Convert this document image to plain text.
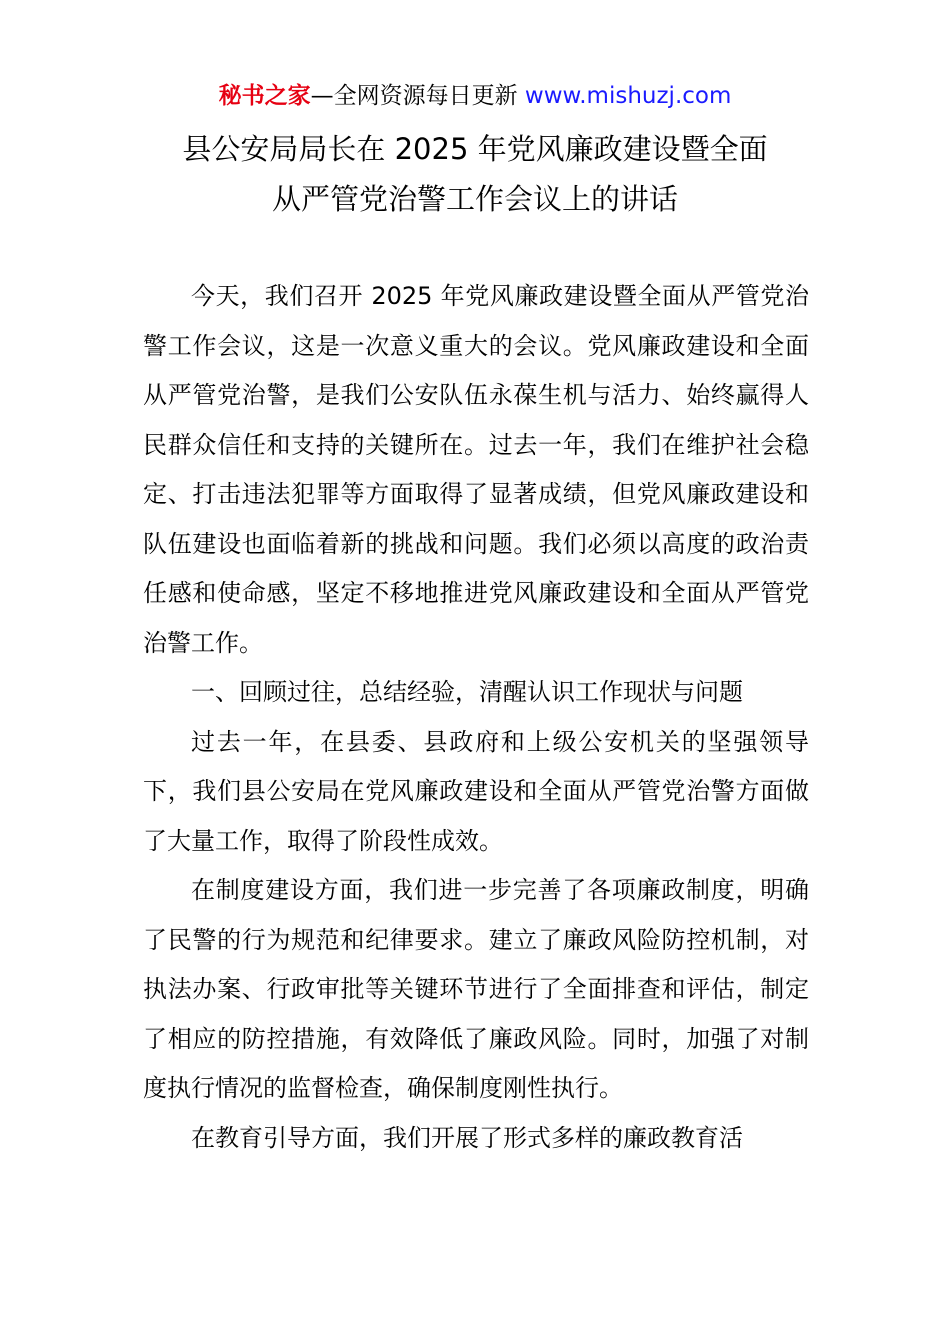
秘书之家—全网资源每日更新 www.mishuzj.com
县公安局局长在 2025 年党风廉政建设暨全面
从严管党治警工作会议上的讲话

今天，我们召开 2025 年党风廉政建设暨全面从严管党治警工作会议，这是一次意义重大的会议。党风廉政建设和全面从严管党治警，是我们公安队伍永葆生机与活力、始终赢得人民群众信任和支持的关键所在。过去一年，我们在维护社会稳定、打击违法犯罪等方面取得了显著成绩，但党风廉政建设和队伍建设也面临着新的挑战和问题。我们必须以高度的政治责任感和使命感，坚定不移地推进党风廉政建设和全面从严管党治警工作。

一、回顾过往，总结经验，清醒认识工作现状与问题

过去一年，在县委、县政府和上级公安机关的坚强领导下，我们县公安局在党风廉政建设和全面从严管党治警方面做了大量工作，取得了阶段性成效。

在制度建设方面，我们进一步完善了各项廉政制度，明确了民警的行为规范和纪律要求。建立了廉政风险防控机制，对执法办案、行政审批等关键环节进行了全面排查和评估，制定了相应的防控措施，有效降低了廉政风险。同时，加强了对制度执行情况的监督检查，确保制度刚性执行。

在教育引导方面，我们开展了形式多样的廉政教育活
